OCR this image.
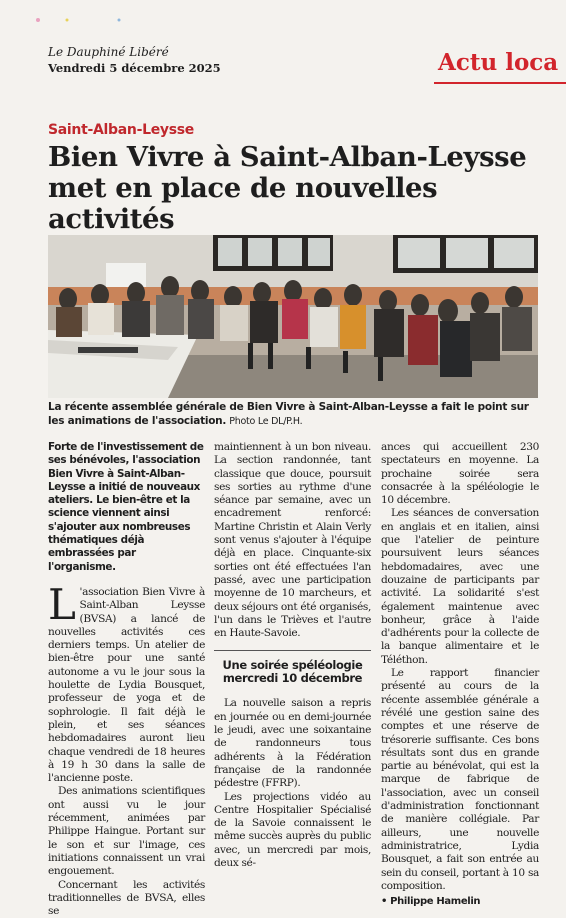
Le Dauphiné Libéré
Vendredi 5 décembre 2025	Actu loca
Saint-Alban-Leysse
Bien Vivre à Saint-Alban-Leysse met en place de nouvelles activités
La récente assemblée générale de Bien Vivre à Saint-Alban-Leysse a fait le point sur les animations de l'association. Photo Le DL/P.H.

Forte de l'investissement de ses bénévoles, l'association Bien Vivre à Saint-Alban-Leysse a initié de nouveaux ateliers. Le bien-être et la science viennent ainsi s'ajouter aux nombreuses thématiques déjà embrassées par l'organisme.

L 'association Bien Vivre à Saint-Alban Leysse (BVSA) a lancé de nouvelles activités ces derniers temps. Un atelier de bien-être pour une santé autonome a vu le jour sous la houlette de Lydia Bousquet, professeur de yoga et de sophrologie. Il fait déjà le plein, et ses séances hebdomadaires auront lieu chaque vendredi de 18 heures à 19 h 30 dans la salle de l'ancienne poste.

Des animations scientifiques ont aussi vu le jour récemment, animées par Philippe Haingue. Portant sur le son et sur l'image, ces initiations connaissent un vrai engouement.

Concernant les activités traditionnelles de BVSA, elles se

maintiennent à un bon niveau. La section randonnée, tant classique que douce, poursuit ses sorties au rythme d'une séance par semaine, avec un encadrement renforcé: Martine Christin et Alain Verly sont venus s'ajouter à l'équipe déjà en place. Cinquante-six sorties ont été effectuées l'an passé, avec une participation moyenne de 10 marcheurs, et deux séjours ont été organisés, l'un dans le Trièves et l'autre en Haute-Savoie.

Une soirée spéléologie mercredi 10 décembre

La nouvelle saison a repris en journée ou en demi-journée le jeudi, avec une soixantaine de randonneurs tous adhérents à la Fédération française de la randonnée pédestre (FFRP).

Les projections vidéo au Centre Hospitalier Spécialisé de la Savoie connaissent le même succès auprès du public avec, un mercredi par mois, deux sé-

ances qui accueillent 230 spectateurs en moyenne. La prochaine soirée sera consacrée à la spéléologie le 10 décembre.

Les séances de conversation en anglais et en italien, ainsi que l'atelier de peinture poursuivent leurs séances hebdomadaires, avec une douzaine de participants par activité. La solidarité s'est également maintenue avec bonheur, grâce à l'aide d'adhérents pour la collecte de la banque alimentaire et le Téléthon.

Le rapport financier présenté au cours de la récente assemblée générale a révélé une gestion saine des comptes et une réserve de trésorerie suffisante. Ces bons résultats sont dus en grande partie au bénévolat, qui est la marque de fabrique de l'association, avec un conseil d'administration fonctionnant de manière collégiale. Par ailleurs, une nouvelle administratrice, Lydia Bousquet, a fait son entrée au sein du conseil, portant à 10 sa composition.

• Philippe Hamelin
